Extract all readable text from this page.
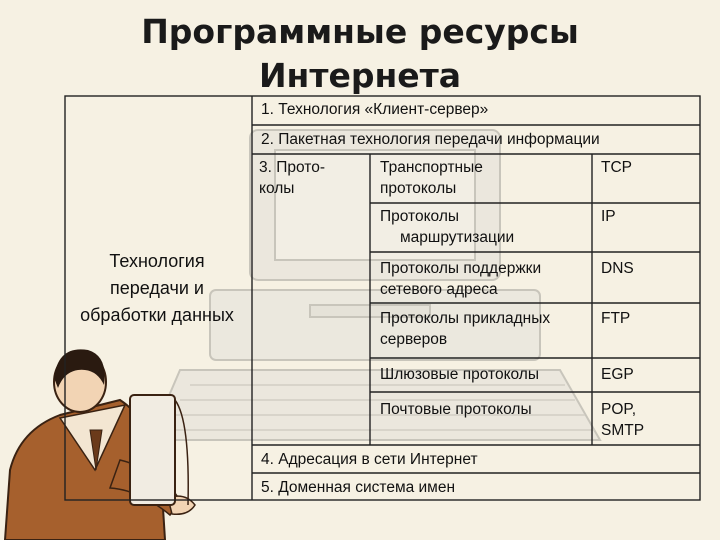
Программные ресурсы
Интернета
Технология передачи и обработки данных
1. Технология «Клиент-сервер»
2. Пакетная технология передачи информации
3. Прото-
колы
Транспортные
протоколы
TCP
Протоколы
маршрутизации
IP
Протоколы поддержки
сетевого адреса
DNS
Протоколы прикладных
серверов
FTP
Шлюзовые протоколы	EGP
Почтовые протоколы	POP,
SMTP
4. Адресация в сети Интернет
5. Доменная система имен
